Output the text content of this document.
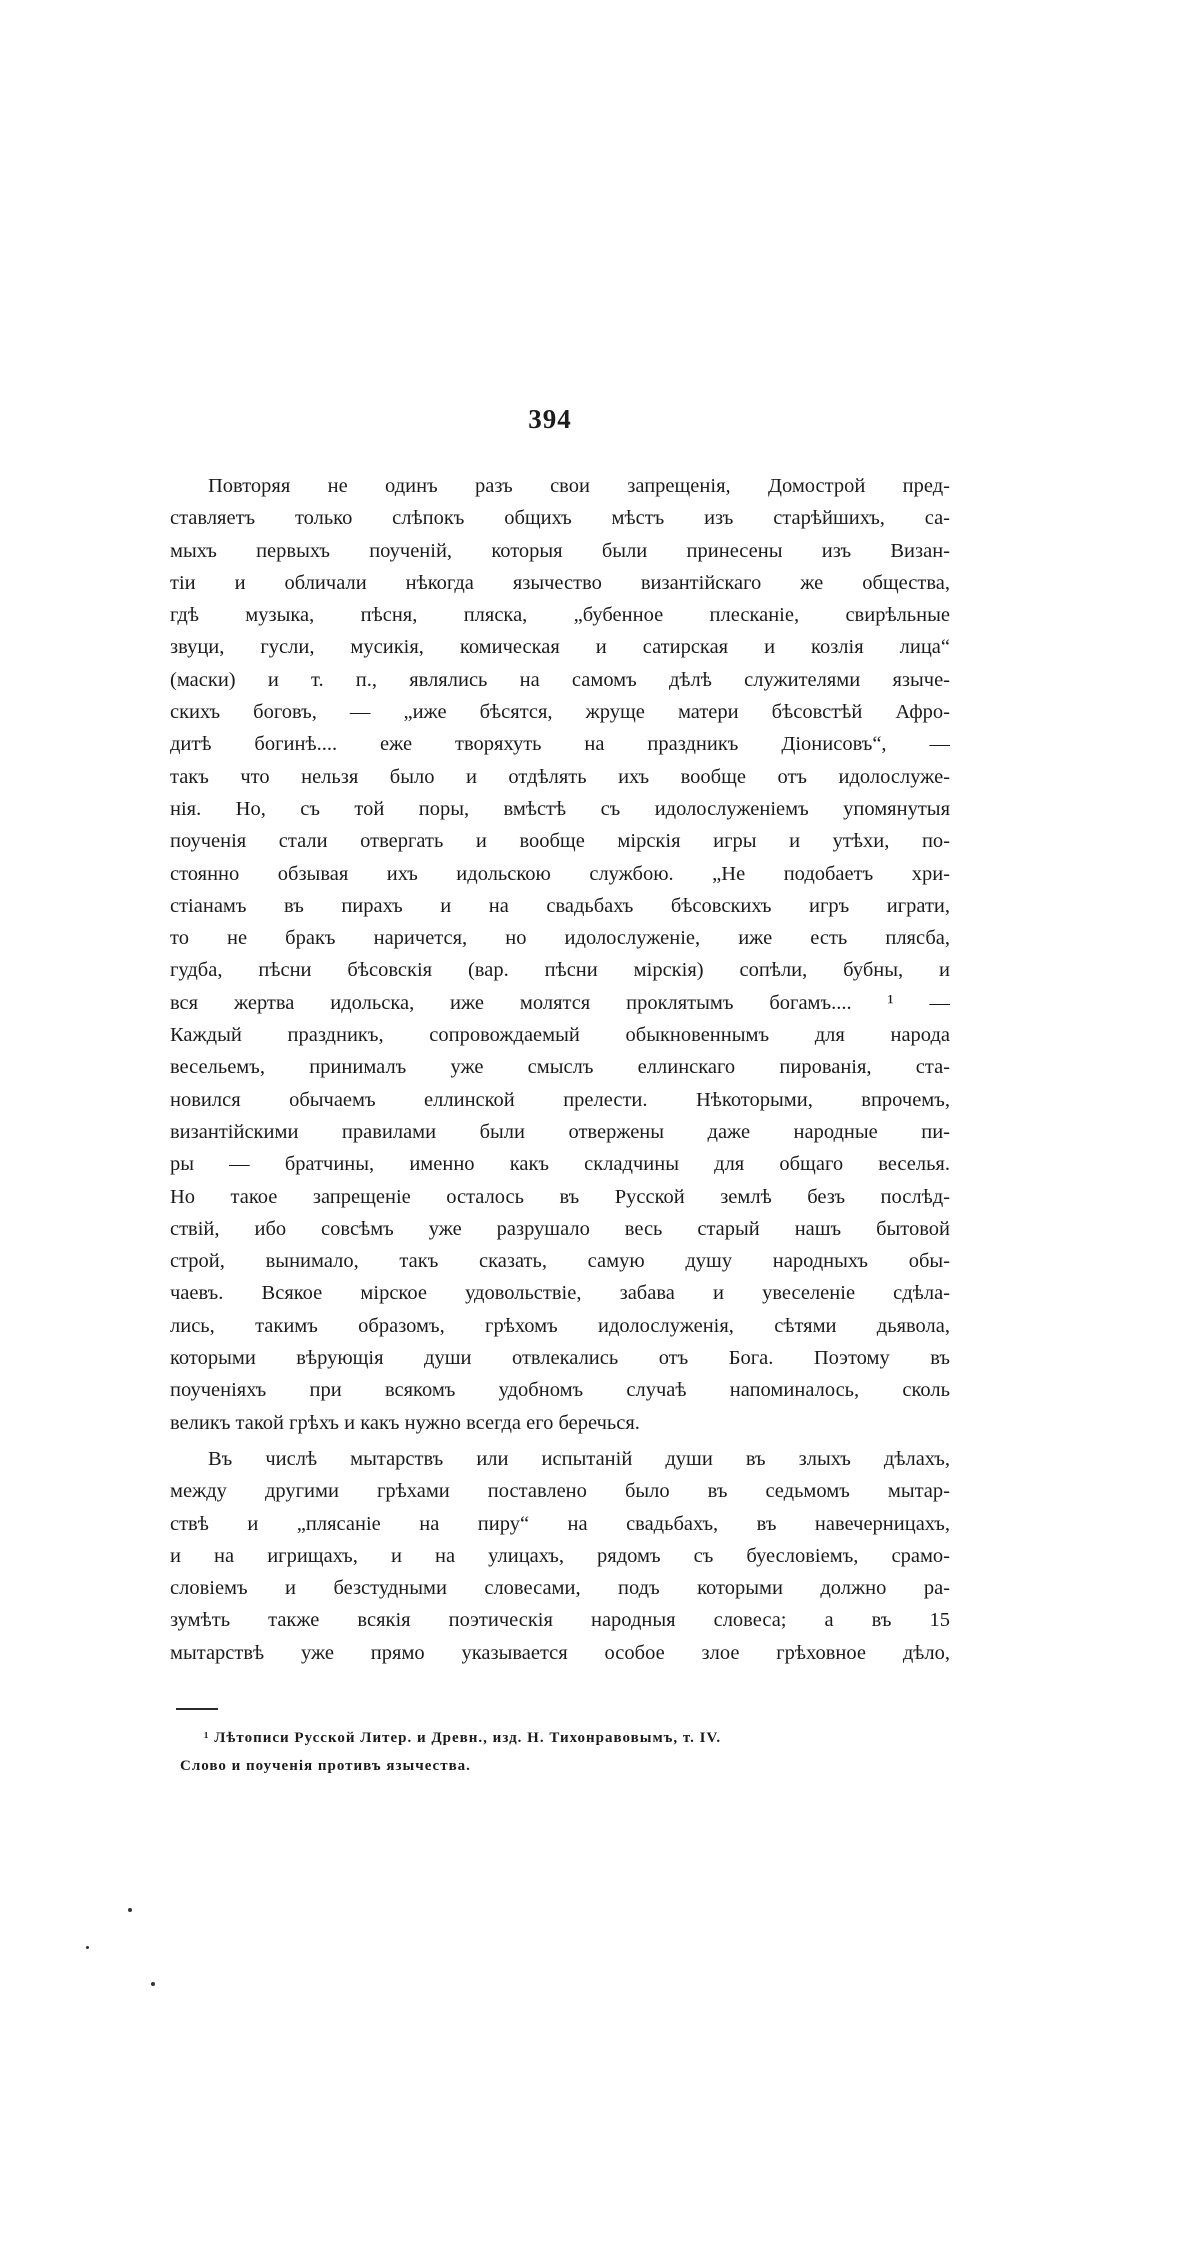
394
Повторяя не одинъ разъ свои запрещенія, Домострой пред-
ставляетъ только слѣпокъ общихъ мѣстъ изъ старѣйшихъ, са-
мыхъ первыхъ поученій, которыя были принесены изъ Визан-
тіи и обличали нѣкогда язычество византійскаго же общества,
гдѣ музыка, пѣсня, пляска, „бубенное плесканіе, свирѣльные
звуци, гусли, мусикія, комическая и сатирская и козлія лица“
(маски) и т. п., являлись на самомъ дѣлѣ служителями языче-
скихъ боговъ, — „иже бѣсятся, жруще матери бѣсовстѣй Афро-
дитѣ богинѣ.... еже творяхуть на праздникъ Діонисовъ“, —
такъ что нельзя было и отдѣлять ихъ вообще отъ идолослуже-
нія. Но, съ той поры, вмѣстѣ съ идолослуженіемъ упомянутыя
поученія стали отвергать и вообще мірскія игры и утѣхи, по-
стоянно обзывая ихъ идольскою службою. „Не подобаетъ хри-
стіанамъ въ пирахъ и на свадьбахъ бѣсовскихъ игръ играти,
то не бракъ наричется, но идолослуженіе, иже есть плясба,
гудба, пѣсни бѣсовскія (вар. пѣсни мірскія) сопѣли, бубны, и
вся жертва идольска, иже молятся проклятымъ богамъ.... ¹ —
Каждый праздникъ, сопровождаемый обыкновеннымъ для народа
весельемъ, принималъ уже смыслъ еллинскаго пированія, ста-
новился обычаемъ еллинской прелести. Нѣкоторыми, впрочемъ,
византійскими правилами были отвержены даже народные пи-
ры — братчины, именно какъ складчины для общаго веселья.
Но такое запрещеніе осталось въ Русской землѣ безъ послѣд-
ствій, ибо совсѣмъ уже разрушало весь старый нашъ бытовой
строй, вынимало, такъ сказать, самую душу народныхъ обы-
чаевъ. Всякое мірское удовольствіе, забава и увеселеніе сдѣла-
лись, такимъ образомъ, грѣхомъ идолослуженія, сѣтями дьявола,
которыми вѣрующія души отвлекались отъ Бога. Поэтому въ
поученіяхъ при всякомъ удобномъ случаѣ напоминалось, сколь
великъ такой грѣхъ и какъ нужно всегда его беречься.
Въ числѣ мытарствъ или испытаній души въ злыхъ дѣлахъ,
между другими грѣхами поставлено было въ седьмомъ мытар-
ствѣ и „плясаніе на пиру“ на свадьбахъ, въ навечерницахъ,
и на игрищахъ, и на улицахъ, рядомъ съ буесловіемъ, срамо-
словіемъ и безстудными словесами, подъ которыми должно ра-
зумѣть также всякія поэтическія народныя словеса; а въ 15
мытарствѣ уже прямо указывается особое злое грѣховное дѣло,
¹ Лѣтописи Русской Литер. и Древн., изд. Н. Тихонравовымъ, т. IV.
Слово и поученія противъ язычества.
